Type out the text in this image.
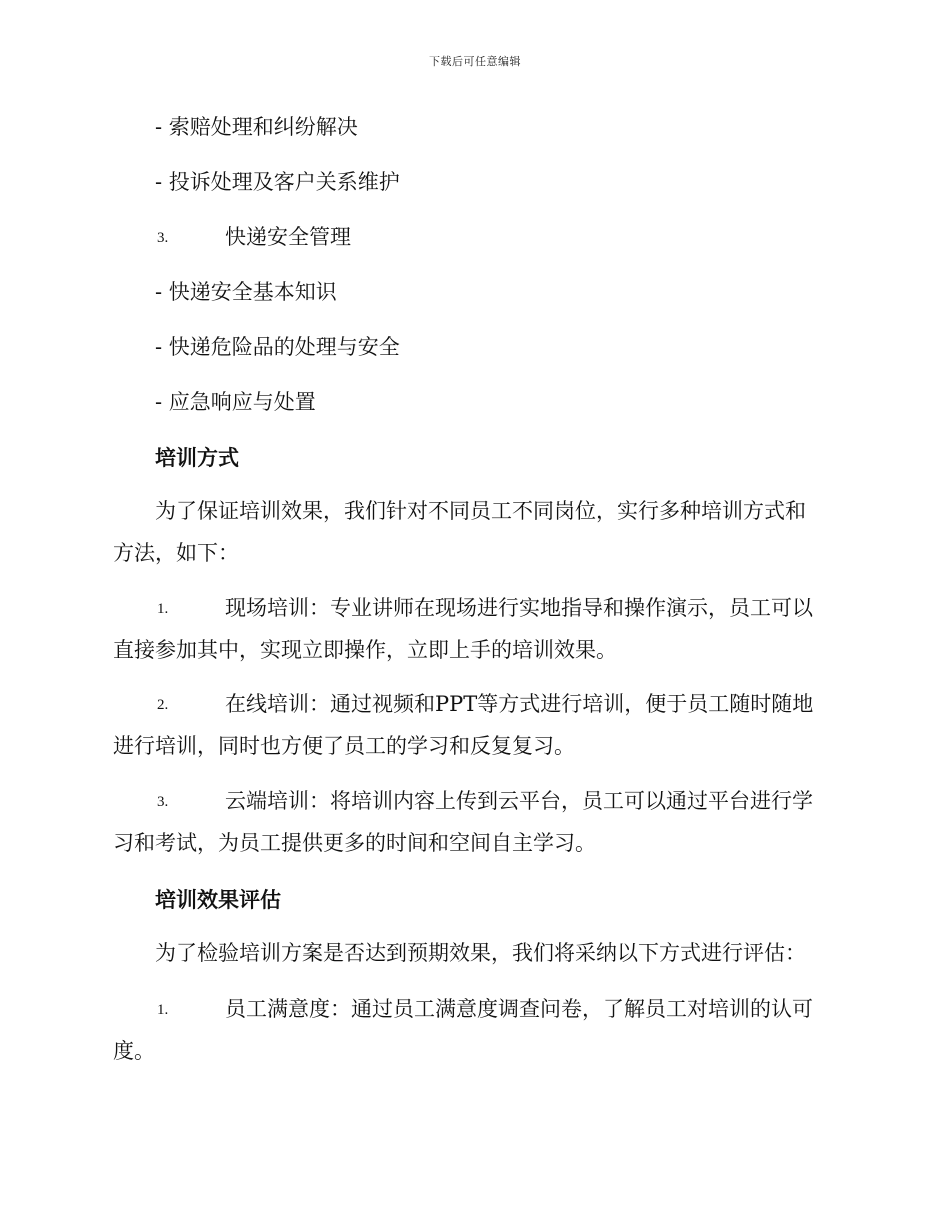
下载后可任意编辑
- 索赔处理和纠纷解决
- 投诉处理及客户关系维护
3.	快递安全管理
- 快递安全基本知识
- 快递危险品的处理与安全
- 应急响应与处置
培训方式
为了保证培训效果，我们针对不同员工不同岗位，实行多种培训方式和
方法，如下：
1.	现场培训：专业讲师在现场进行实地指导和操作演示，员工可以
直接参加其中，实现立即操作，立即上手的培训效果。
2.	在线培训：通过视频和PPT等方式进行培训，便于员工随时随地
进行培训，同时也方便了员工的学习和反复复习。
3.	云端培训：将培训内容上传到云平台，员工可以通过平台进行学
习和考试，为员工提供更多的时间和空间自主学习。
培训效果评估
为了检验培训方案是否达到预期效果，我们将采纳以下方式进行评估：
1.	员工满意度：通过员工满意度调查问卷，了解员工对培训的认可
度。
